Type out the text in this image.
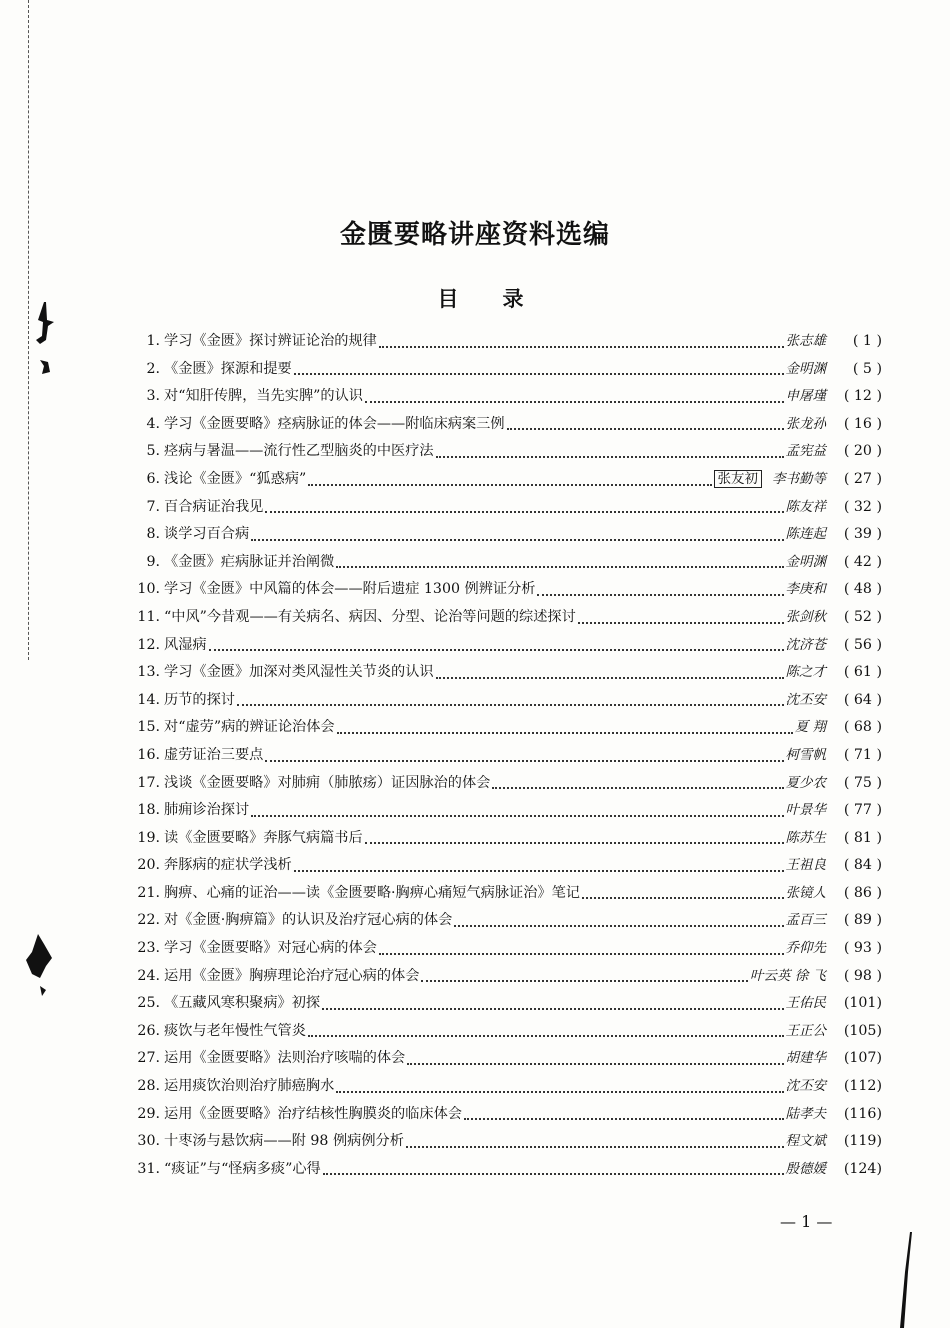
金匮要略讲座资料选编
目录
1. 学习《金匮》探讨辨证论治的规律	张志雄	( 1 )
2. 《金匮》探源和提要	金明渊	( 5 )
3. 对“知肝传脾，当先实脾”的认识	申屠瑾	( 12 )
4. 学习《金匮要略》痉病脉证的体会——附临床病案三例	张龙孙	( 16 )
5. 痉病与暑温——流行性乙型脑炎的中医疗法	孟宪益	( 20 )
6. 浅论《金匮》“狐惑病”	张友初 李书勤等	( 27 )
7. 百合病证治我见	陈友祥	( 32 )
8. 谈学习百合病	陈连起	( 39 )
9. 《金匮》疟病脉证并治阐微	金明渊	( 42 )
10. 学习《金匮》中风篇的体会——附后遗症 1300 例辨证分析	李庚和	( 48 )
11. “中风”今昔观——有关病名、病因、分型、论治等问题的综述探讨	张剑秋	( 52 )
12. 风湿病	沈济苍	( 56 )
13. 学习《金匮》加深对类风湿性关节炎的认识	陈之才	( 61 )
14. 历节的探讨	沈丕安	( 64 )
15. 对“虚劳”病的辨证论治体会	夏 翔	( 68 )
16. 虚劳证治三要点	柯雪帆	( 71 )
17. 浅谈《金匮要略》对肺痈（肺脓疡）证因脉治的体会	夏少农	( 75 )
18. 肺痈诊治探讨	叶景华	( 77 )
19. 读《金匮要略》奔豚气病篇书后	陈苏生	( 81 )
20. 奔豚病的症状学浅析	王祖良	( 84 )
21. 胸痹、心痛的证治——读《金匮要略·胸痹心痛短气病脉证治》笔记	张镜人	( 86 )
22. 对《金匮·胸痹篇》的认识及治疗冠心病的体会	孟百三	( 89 )
23. 学习《金匮要略》对冠心病的体会	乔仰先	( 93 )
24. 运用《金匮》胸痹理论治疗冠心病的体会	叶云英 徐 飞	( 98 )
25. 《五藏风寒积聚病》初探	王佑民	(101)
26. 痰饮与老年慢性气管炎	王正公	(105)
27. 运用《金匮要略》法则治疗咳喘的体会	胡建华	(107)
28. 运用痰饮治则治疗肺癌胸水	沈丕安	(112)
29. 运用《金匮要略》治疗结核性胸膜炎的临床体会	陆孝夫	(116)
30. 十枣汤与悬饮病——附 98 例病例分析	程文斌	(119)
31. “痰证”与“怪病多痰”心得	殷德媛	(124)
— 1 —
